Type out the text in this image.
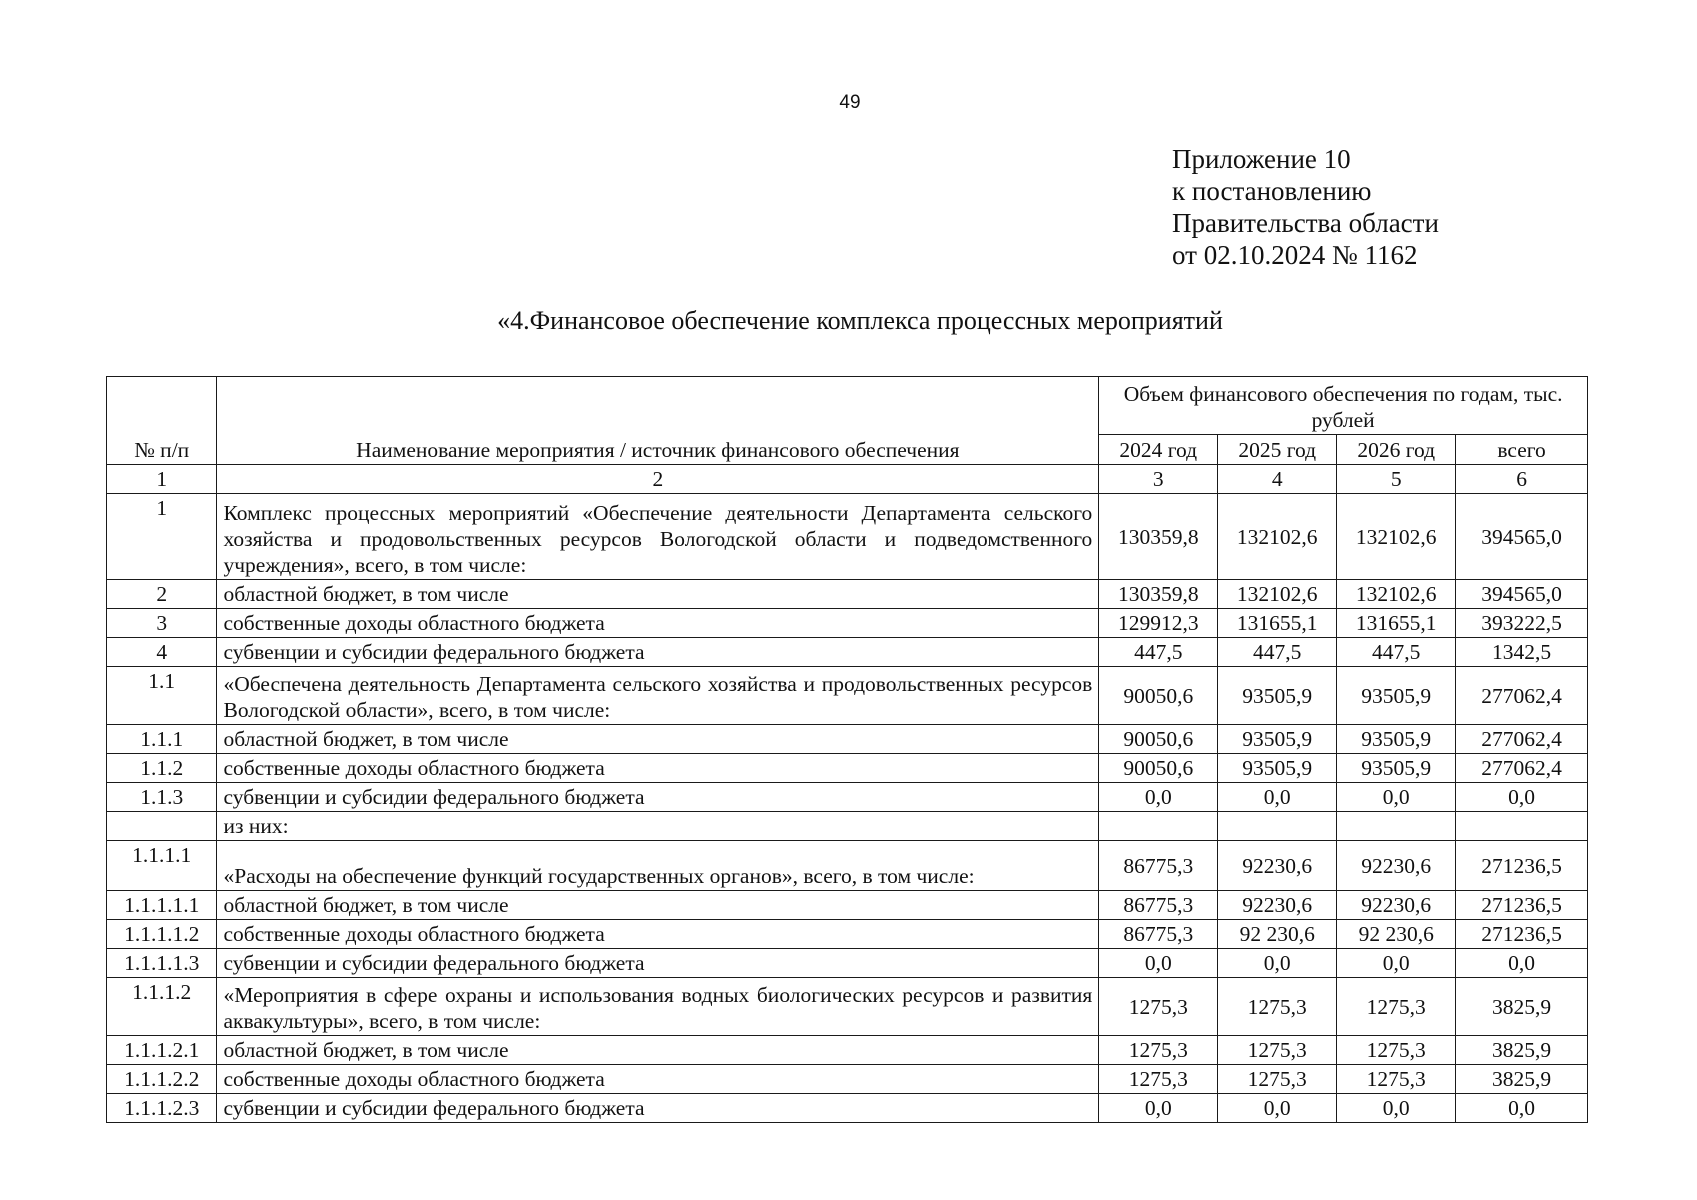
49
Приложение 10
к постановлению
Правительства области
от 02.10.2024 № 1162
«4.Финансовое обеспечение комплекса процессных мероприятий
№ п/п	Наименование мероприятия / источник финансового обеспечения	Объем финансового обеспечения по годам, тыс. рублей			
		2024 год	2025 год	2026 год	всего
1	2	3	4	5	6
1	Комплекс процессных мероприятий «Обеспечение деятельности Департамента сельского хозяйства и продовольственных ресурсов Вологодской области и подведомственного учреждения», всего, в том числе:	130359,8	132102,6	132102,6	394565,0
2	областной бюджет, в том числе	130359,8	132102,6	132102,6	394565,0
3	собственные доходы областного бюджета	129912,3	131655,1	131655,1	393222,5
4	субвенции и субсидии федерального бюджета	447,5	447,5	447,5	1342,5
1.1	«Обеспечена деятельность Департамента сельского хозяйства и продовольственных ресурсов Вологодской области», всего, в том числе:	90050,6	93505,9	93505,9	277062,4
1.1.1	областной бюджет, в том числе	90050,6	93505,9	93505,9	277062,4
1.1.2	собственные доходы областного бюджета	90050,6	93505,9	93505,9	277062,4
1.1.3	субвенции и субсидии федерального бюджета	0,0	0,0	0,0	0,0
	из них:				
1.1.1.1	«Расходы на обеспечение функций государственных органов», всего, в том числе:	86775,3	92230,6	92230,6	271236,5
1.1.1.1.1	областной бюджет, в том числе	86775,3	92230,6	92230,6	271236,5
1.1.1.1.2	собственные доходы областного бюджета	86775,3	92 230,6	92 230,6	271236,5
1.1.1.1.3	субвенции и субсидии федерального бюджета	0,0	0,0	0,0	0,0
1.1.1.2	«Мероприятия в сфере охраны и использования водных биологических ресурсов и развития аквакультуры», всего, в том числе:	1275,3	1275,3	1275,3	3825,9
1.1.1.2.1	областной бюджет, в том числе	1275,3	1275,3	1275,3	3825,9
1.1.1.2.2	собственные доходы областного бюджета	1275,3	1275,3	1275,3	3825,9
1.1.1.2.3	субвенции и субсидии федерального бюджета	0,0	0,0	0,0	0,0
